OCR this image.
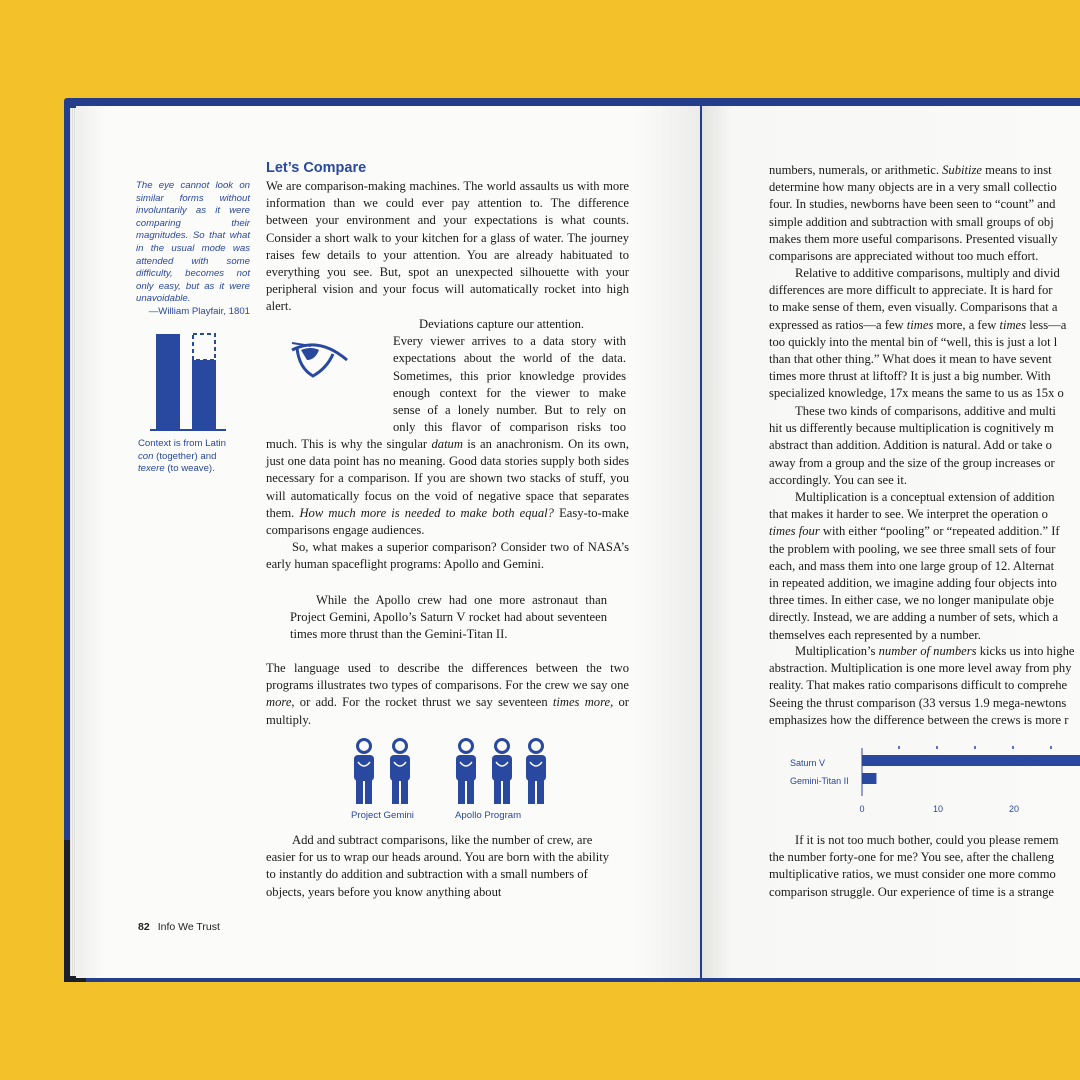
Let’s Compare
The eye cannot look on similar forms without involuntarily as it were comparing their magnitudes. So that what in the usual mode was attended with some difficulty, becomes not only easy, but as it were unavoidable.
—William Playfair, 1801
Context is from Latin
con (together) and
texere (to weave).

We are comparison-making machines. The world assaults us with more information than we could ever pay attention to. The difference between your environment and your expectations is what counts. Consider a short walk to your kitchen for a glass of water. The journey raises few details to your attention. You are already habituated to everything you see. But, spot an unexpected silhouette with your peripheral vision and your focus will automatically rocket into high alert.

Deviations capture our attention.

Every viewer arrives to a data story with

expectations about the world of the data.

Sometimes, this prior knowledge provides

enough context for the viewer to make

sense of a lonely number. But to rely on

only this flavor of comparison risks too

much. This is why the singular datum is an anachronism. On its own, just one data point has no meaning. Good data stories supply both sides necessary for a comparison. If you are shown two stacks of stuff, you will automatically focus on the void of negative space that separates them. How much more is needed to make both equal? Easy-to-make comparisons engage audiences.

So, what makes a superior comparison? Consider two of NASA’s early human spaceflight programs: Apollo and Gemini.

While the Apollo crew had one more astronaut than Project Gemini, Apollo’s Saturn V rocket had about seventeen times more thrust than the Gemini-Titan II.

The language used to describe the differences between the two programs illustrates two types of comparisons. For the crew we say one more, or add. For the rocket thrust we say seventeen times more, or multiply.

Project Gemini	Apollo Program

Add and subtract comparisons, like the number of crew, are easier for us to wrap our heads around. You are born with the ability to instantly do addition and subtraction with a small numbers of objects, years before you know anything about

82 Info We Trust
numbers, numerals, or arithmetic. Subitize means to inst
determine how many objects are in a very small collectio
four. In studies, newborns have been seen to “count” and
simple addition and subtraction with small groups of obj
makes them more useful comparisons. Presented visually
comparisons are appreciated without too much effort.
Relative to additive comparisons, multiply and divid
differences are more difficult to appreciate. It is hard for
to make sense of them, even visually. Comparisons that a
expressed as ratios—a few times more, a few times less—a
too quickly into the mental bin of “well, this is just a lot l
than that other thing.” What does it mean to have sevent
times more thrust at liftoff? It is just a big number. With
specialized knowledge, 17x means the same to us as 15x o
These two kinds of comparisons, additive and multi
hit us differently because multiplication is cognitively m
abstract than addition. Addition is natural. Add or take o
away from a group and the size of the group increases or
accordingly. You can see it.
Multiplication is a conceptual extension of addition
that makes it harder to see. We interpret the operation o
times four with either “pooling” or “repeated addition.” If
the problem with pooling, we see three small sets of four
each, and mass them into one large group of 12. Alternat
in repeated addition, we imagine adding four objects into
three times. In either case, we no longer manipulate obje
directly. Instead, we are adding a number of sets, which a
themselves each represented by a number.
Multiplication’s number of numbers kicks us into highe
abstraction. Multiplication is one more level away from phy
reality. That makes ratio comparisons difficult to comprehe
Seeing the thrust comparison (33 versus 1.9 mega-newtons
emphasizes how the difference between the crews is more r
Saturn V
Gemini-Titan II
0	10	20
If it is not too much bother, could you please remem
the number forty-one for me? You see, after the challeng
multiplicative ratios, we must consider one more commo
comparison struggle. Our experience of time is a strange
